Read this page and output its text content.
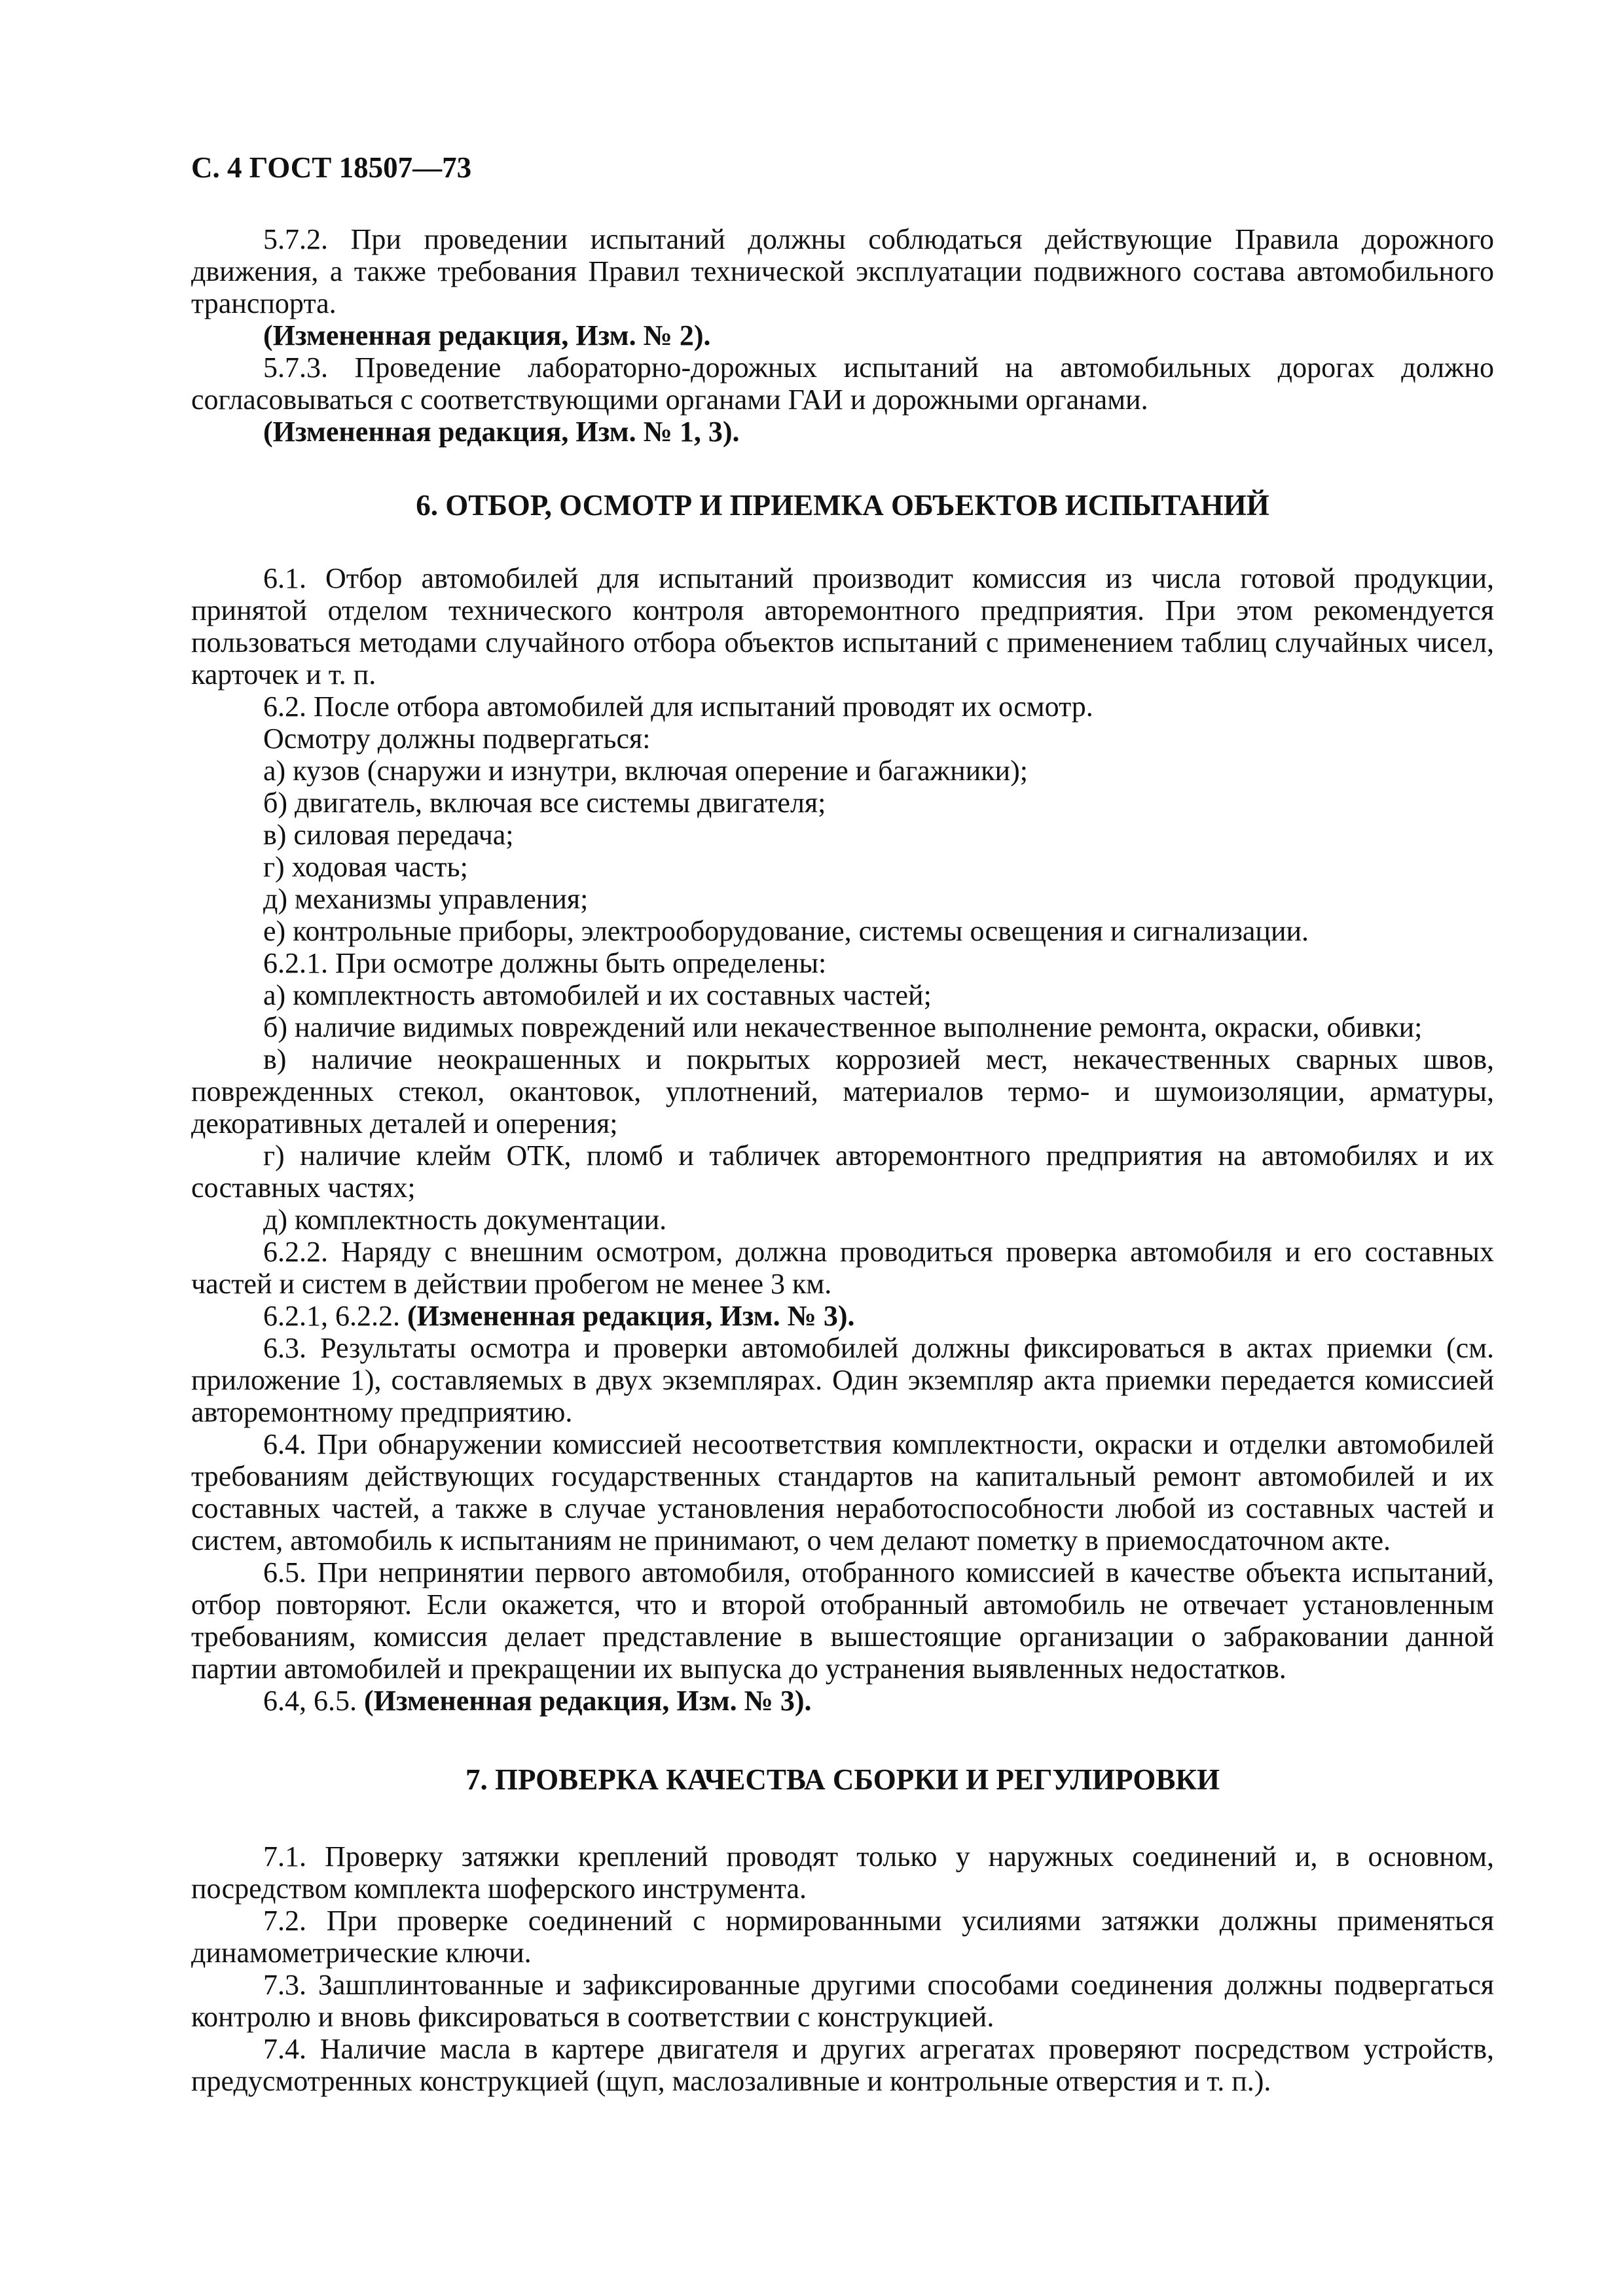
С. 4 ГОСТ 18507—73

5.7.2. При проведении испытаний должны соблюдаться действующие Правила дорожного движения, а также требования Правил технической эксплуатации подвижного состава автомобильного транспорта.

(Измененная редакция, Изм. № 2).

5.7.3. Проведение лабораторно-дорожных испытаний на автомобильных дорогах должно согласовываться с соответствующими органами ГАИ и дорожными органами.

(Измененная редакция, Изм. № 1, 3).

6. ОТБОР, ОСМОТР И ПРИЕМКА ОБЪЕКТОВ ИСПЫТАНИЙ

6.1. Отбор автомобилей для испытаний производит комиссия из числа готовой продукции, принятой отделом технического контроля авторемонтного предприятия. При этом рекомендуется пользоваться методами случайного отбора объектов испытаний с применением таблиц случайных чисел, карточек и т. п.

6.2. После отбора автомобилей для испытаний проводят их осмотр.

Осмотру должны подвергаться:

а) кузов (снаружи и изнутри, включая оперение и багажники);

б) двигатель, включая все системы двигателя;

в) силовая передача;

г) ходовая часть;

д) механизмы управления;

е) контрольные приборы, электрооборудование, системы освещения и сигнализации.

6.2.1. При осмотре должны быть определены:

а) комплектность автомобилей и их составных частей;

б) наличие видимых повреждений или некачественное выполнение ремонта, окраски, обивки;

в) наличие неокрашенных и покрытых коррозией мест, некачественных сварных швов, поврежденных стекол, окантовок, уплотнений, материалов термо- и шумоизоляции, арматуры, декоративных деталей и оперения;

г) наличие клейм ОТК, пломб и табличек авторемонтного предприятия на автомобилях и их составных частях;

д) комплектность документации.

6.2.2. Наряду с внешним осмотром, должна проводиться проверка автомобиля и его составных частей и систем в действии пробегом не менее 3 км.

6.2.1, 6.2.2. (Измененная редакция, Изм. № 3).

6.3. Результаты осмотра и проверки автомобилей должны фиксироваться в актах приемки (см. приложение 1), составляемых в двух экземплярах. Один экземпляр акта приемки передается комиссией авторемонтному предприятию.

6.4. При обнаружении комиссией несоответствия комплектности, окраски и отделки автомобилей требованиям действующих государственных стандартов на капитальный ремонт автомобилей и их составных частей, а также в случае установления неработоспособности любой из составных частей и систем, автомобиль к испытаниям не принимают, о чем делают пометку в приемосдаточном акте.

6.5. При непринятии первого автомобиля, отобранного комиссией в качестве объекта испытаний, отбор повторяют. Если окажется, что и второй отобранный автомобиль не отвечает установленным требованиям, комиссия делает представление в вышестоящие организации о забраковании данной партии автомобилей и прекращении их выпуска до устранения выявленных недостатков.

6.4, 6.5. (Измененная редакция, Изм. № 3).

7. ПРОВЕРКА КАЧЕСТВА СБОРКИ И РЕГУЛИРОВКИ

7.1. Проверку затяжки креплений проводят только у наружных соединений и, в основном, посредством комплекта шоферского инструмента.

7.2. При проверке соединений с нормированными усилиями затяжки должны применяться динамометрические ключи.

7.3. Зашплинтованные и зафиксированные другими способами соединения должны подвергаться контролю и вновь фиксироваться в соответствии с конструкцией.

7.4. Наличие масла в картере двигателя и других агрегатах проверяют посредством устройств, предусмотренных конструкцией (щуп, маслозаливные и контрольные отверстия и т. п.).
